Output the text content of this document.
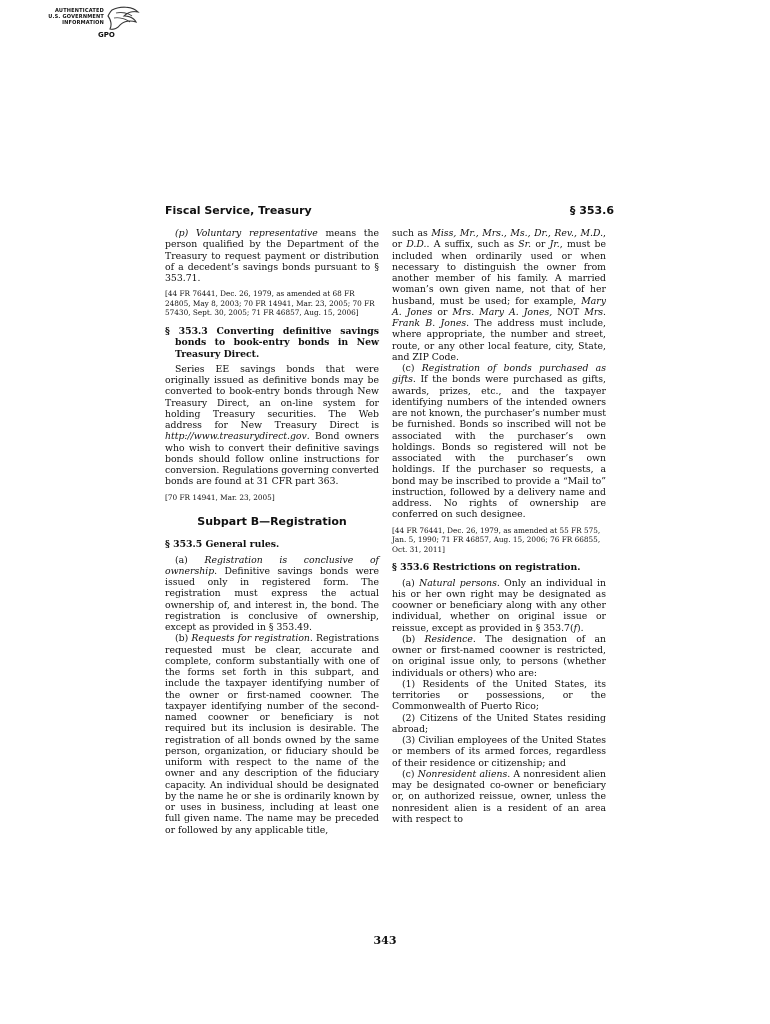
AUTHENTICATED
U.S. GOVERNMENT
INFORMATION
GPO
Fiscal Service, Treasury	§ 353.6

(p) Voluntary representative means the person qualified by the Department of the Treasury to request payment or distribution of a decedent’s savings bonds pursuant to § 353.71.

[44 FR 76441, Dec. 26, 1979, as amended at 68 FR 24805, May 8, 2003; 70 FR 14941, Mar. 23, 2005; 70 FR 57430, Sept. 30, 2005; 71 FR 46857, Aug. 15, 2006]

§ 353.3 Converting definitive savings bonds to book-entry bonds in New Treasury Direct.

Series EE savings bonds that were originally issued as definitive bonds may be converted to book-entry bonds through New Treasury Direct, an on-line system for holding Treasury securities. The Web address for New Treasury Direct is http://www.treasurydirect.gov. Bond owners who wish to convert their definitive savings bonds should follow online instructions for conversion. Regulations governing converted bonds are found at 31 CFR part 363.

[70 FR 14941, Mar. 23, 2005]

Subpart B—Registration

§ 353.5 General rules.

(a) Registration is conclusive of ownership. Definitive savings bonds were issued only in registered form. The registration must express the actual ownership of, and interest in, the bond. The registration is conclusive of ownership, except as provided in § 353.49.

(b) Requests for registration. Registrations requested must be clear, accurate and complete, conform substantially with one of the forms set forth in this subpart, and include the taxpayer identifying number of the owner or first-named coowner. The taxpayer identifying number of the second-named coowner or beneficiary is not required but its inclusion is desirable. The registration of all bonds owned by the same person, organization, or fiduciary should be uniform with respect to the name of the owner and any description of the fiduciary capacity. An individual should be designated by the name he or she is ordinarily known by or uses in business, including at least one full given name. The name may be preceded or followed by any applicable title,

such as Miss, Mr., Mrs., Ms., Dr., Rev., M.D., or D.D.. A suffix, such as Sr. or Jr., must be included when ordinarily used or when necessary to distinguish the owner from another member of his family. A married woman’s own given name, not that of her husband, must be used; for example, Mary A. Jones or Mrs. Mary A. Jones, NOT Mrs. Frank B. Jones. The address must include, where appropriate, the number and street, route, or any other local feature, city, State, and ZIP Code.

(c) Registration of bonds purchased as gifts. If the bonds were purchased as gifts, awards, prizes, etc., and the taxpayer identifying numbers of the intended owners are not known, the purchaser’s number must be furnished. Bonds so inscribed will not be associated with the purchaser’s own holdings. Bonds so registered will not be associated with the purchaser’s own holdings. If the purchaser so requests, a bond may be inscribed to provide a “Mail to” instruction, followed by a delivery name and address. No rights of ownership are conferred on such designee.

[44 FR 76441, Dec. 26, 1979, as amended at 55 FR 575, Jan. 5, 1990; 71 FR 46857, Aug. 15, 2006; 76 FR 66855, Oct. 31, 2011]

§ 353.6 Restrictions on registration.

(a) Natural persons. Only an individual in his or her own right may be designated as coowner or beneficiary along with any other individual, whether on original issue or reissue, except as provided in § 353.7(f).

(b) Residence. The designation of an owner or first-named coowner is restricted, on original issue only, to persons (whether individuals or others) who are:

(1) Residents of the United States, its territories or possessions, or the Commonwealth of Puerto Rico;

(2) Citizens of the United States residing abroad;

(3) Civilian employees of the United States or members of its armed forces, regardless of their residence or citizenship; and

(c) Nonresident aliens. A nonresident alien may be designated co-owner or beneficiary or, on authorized reissue, owner, unless the nonresident alien is a resident of an area with respect to

343
